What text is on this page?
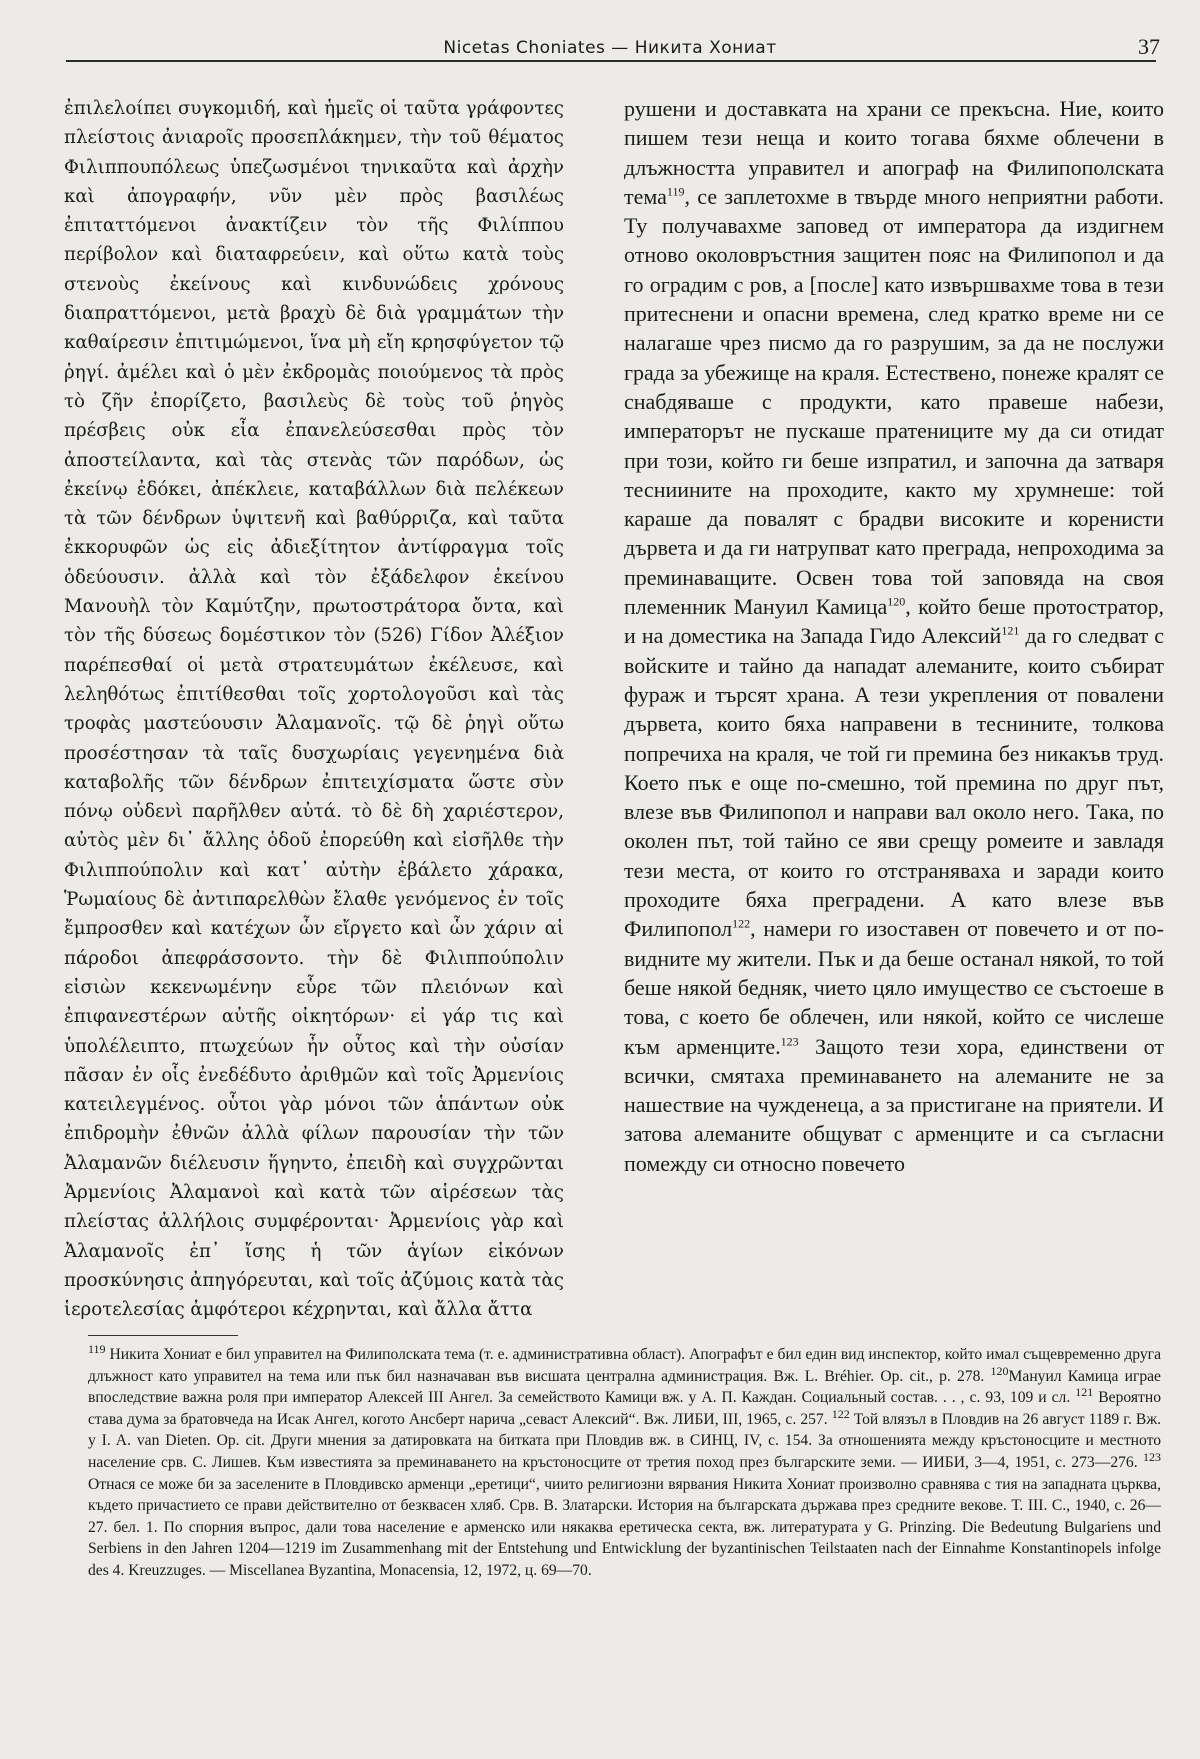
Nicetas Choniates — Никита Хониат	37

ἐπιλελοίπει συγκομιδή, καὶ ἡμεῖς οἱ ταῦτα γράφοντες πλείστοις ἀνιαροῖς προσεπλάκημεν, τὴν τοῦ θέματος Φιλιππουπόλεως ὑπεζωσμένοι τηνικαῦτα καὶ ἀρχὴν καὶ ἀπογραφήν, νῦν μὲν πρὸς βασιλέως ἐπιταττόμενοι ἀνακτίζειν τὸν τῆς Φιλίππου περίβολον καὶ διαταφρεύειν, καὶ οὕτω κατὰ τοὺς στενοὺς ἐκείνους καὶ κινδυνώδεις χρόνους διαπραττόμενοι, μετὰ βραχὺ δὲ διὰ γραμμάτων τὴν καθαίρεσιν ἐπιτιμώμενοι, ἵνα μὴ εἴη κρησφύγετον τῷ ῥηγί. ἀμέλει καὶ ὁ μὲν ἐκδρομὰς ποιούμενος τὰ πρὸς τὸ ζῆν ἐπορίζετο, βασιλεὺς δὲ τοὺς τοῦ ῥηγὸς πρέσβεις οὐκ εἶα ἐπανελεύσεσθαι πρὸς τὸν ἀποστείλαντα, καὶ τὰς στενὰς τῶν παρόδων, ὡς ἐκείνῳ ἐδόκει, ἀπέκλειε, καταβάλλων διὰ πελέκεων τὰ τῶν δένδρων ὑψιτενῆ καὶ βαθύρριζα, καὶ ταῦτα ἐκκορυφῶν ὡς εἰς ἀδιεξίτητον ἀντίφραγμα τοῖς ὁδεύουσιν. ἀλλὰ καὶ τὸν ἐξάδελφον ἐκείνου Μανουὴλ τὸν Καμύτζην, πρωτοστράτορα ὄντα, καὶ τὸν τῆς δύσεως δομέστικον τὸν (526) Γίδον Ἀλέξιον παρέπεσθαί οἱ μετὰ στρατευμάτων ἐκέλευσε, καὶ λεληθότως ἐπιτίθεσθαι τοῖς χορτολογοῦσι καὶ τὰς τροφὰς μαστεύουσιν Ἀλαμανοῖς. τῷ δὲ ῥηγὶ οὕτω προσέστησαν τὰ ταῖς δυσχωρίαις γεγενημένα διὰ καταβολῆς τῶν δένδρων ἐπιτειχίσματα ὥστε σὺν πόνῳ οὐδενὶ παρῆλθεν αὐτά. τὸ δὲ δὴ χαριέστερον, αὐτὸς μὲν δι᾽ ἄλλης ὁδοῦ ἐπορεύθη καὶ εἰσῆλθε τὴν Φιλιππούπολιν καὶ κατ᾽ αὐτὴν ἐβάλετο χάρακα, Ῥωμαίους δὲ ἀντιπαρελθὼν ἔλαθε γενόμενος ἐν τοῖς ἔμπροσθεν καὶ κατέχων ὧν εἴργετο καὶ ὧν χάριν αἱ πάροδοι ἀπεφράσσοντο. τὴν δὲ Φιλιππούπολιν εἰσιὼν κεκενωμένην εὗρε τῶν πλειόνων καὶ ἐπιφανεστέρων αὐτῆς οἰκητόρων· εἰ γάρ τις καὶ ὑπολέλειπτο, πτωχεύων ἦν οὗτος καὶ τὴν οὐσίαν πᾶσαν ἐν οἷς ἐνεδέδυτο ἀριθμῶν καὶ τοῖς Ἀρμενίοις κατειλεγμένος. οὗτοι γὰρ μόνοι τῶν ἁπάντων οὐκ ἐπιδρομὴν ἐθνῶν ἀλλὰ φίλων παρουσίαν τὴν τῶν Ἀλαμανῶν διέλευσιν ἥγηντο, ἐπειδὴ καὶ συγχρῶνται Ἀρμενίοις Ἀλαμανοὶ καὶ κατὰ τῶν αἱρέσεων τὰς πλείστας ἀλλήλοις συμφέρονται· Ἀρμενίοις γὰρ καὶ Ἀλαμανοῖς ἐπ᾽ ἴσης ἡ τῶν ἁγίων εἰκόνων προσκύνησις ἀπηγόρευται, καὶ τοῖς ἀζύμοις κατὰ τὰς ἱεροτελεσίας ἀμφότεροι κέχρηνται, καὶ ἄλλα ἄττα

рушени и доставката на храни се прекъсна. Ние, които пишем тези неща и които тогава бяхме облечени в длъжността управител и апограф на Филипополската тема$^{119}$, се заплетохме в твърде много неприятни работи. Ту получавахме заповед от императора да издигнем отново околовръстния защитен пояс на Филипопол и да го оградим с ров, а [после] като извършвахме това в тези притеснени и опасни времена, след кратко време ни се налагаше чрез писмо да го разрушим, за да не послужи града за убежище на краля. Естествено, понеже кралят се снабдяваше с продукти, като правеше набези, императорът не пускаше пратениците му да си отидат при този, който ги беше изпратил, и започна да затваря тесниините на проходите, както му хрумнеше: той караше да повалят с брадви високите и коренисти дървета и да ги натрупват като преграда, непроходима за преминаващите. Освен това той заповяда на своя племенник Мануил Камица$^{120}$, който беше протостратор, и на доместика на Запада Гидо Алексий$^{121}$ да го следват с войските и тайно да нападат алеманите, които събират фураж и търсят храна. А тези укрепления от повалени дървета, които бяха направени в теснините, толкова попречиха на краля, че той ги премина без никакъв труд. Което пък е още по-смешно, той премина по друг път, влезе във Филипопол и направи вал около него. Така, по околен път, той тайно се яви срещу ромеите и завладя тези места, от които го отстраняваха и заради които проходите бяха преградени. А като влезе във Филипопол$^{122}$, намери го изоставен от повечето и от по-видните му жители. Пък и да беше останал някой, то той беше някой бедняк, чието цяло имущество се състоеше в това, с което бе облечен, или някой, който се числеше към арменците.$^{123}$ Защото тези хора, единствени от всички, смятаха преминаването на алеманите не за нашествие на чужденеца, а за пристигане на приятели. И затова алеманите общуват с арменците и са съгласни помежду си относно повечето

$^{119}$ Никита Хониат е бил управител на Филиполската тема (т. е. административна област). Апографът е бил един вид инспектор, който имал същевременно друга длъжност като управител на тема или пък бил назначаван във висшата централна администрация. Вж. L. Bréhier. Op. cit., p. 278. $^{120}$Мануил Камица играе впоследствие важна роля при император Алексей III Ангел. За семейството Камици вж. у А. П. Каждан. Социальный состав. . . , с. 93, 109 и сл. $^{121}$ Вероятно става дума за братовчеда на Исак Ангел, когото Ансберт нарича „севаст Алексий“. Вж. ЛИБИ, III, 1965, с. 257. $^{122}$ Той влязъл в Пловдив на 26 август 1189 г. Вж. у I. A. van Dieten. Op. cit. Други мнения за датировката на битката при Пловдив вж. в СИНЦ, IV, с. 154. За отношенията между кръстоносците и местното население срв. С. Лишев. Към известията за преминаването на кръстоносците от третия поход през българските земи. — ИИБИ, 3—4, 1951, с. 273—276. $^{123}$ Отнася се може би за заселените в Пловдивско арменци „еретици“, чиито религиозни вярвания Никита Хониат произволно сравнява с тия на западната църква, където причастието се прави действително от безквасен хляб. Срв. В. Златарски. История на българската държава през средните векове. Т. III. С., 1940, с. 26—27. бел. 1. По спорния въпрос, дали това население е арменско или някаква еретическа секта, вж. литературата у G. Prinzing. Die Bedeutung Bulgariens und Serbiens in den Jahren 1204—1219 im Zusammenhang mit der Entstehung und Entwicklung der byzantinischen Teilstaaten nach der Einnahme Konstantinopels infolge des 4. Kreuzzuges. — Miscellanea Byzantina, Monacensia, 12, 1972, ц. 69—70.
